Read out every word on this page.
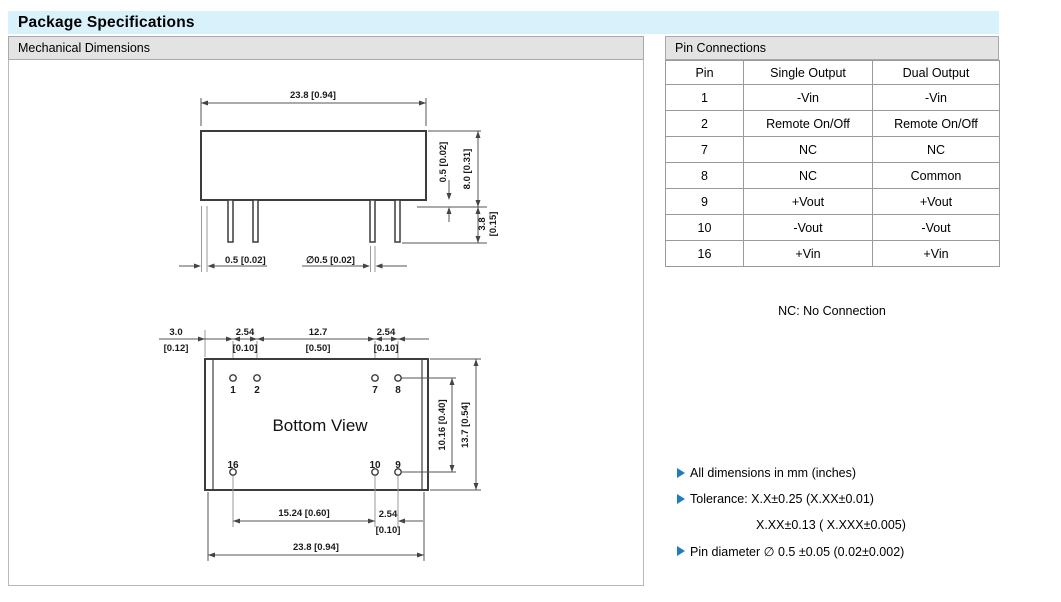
Package Specifications
Mechanical Dimensions
23.8 [0.94]
0.5 [0.02] 8.0 [0.31]
3.8 [0.15]
0.5 [0.02]	∅0.5 [0.02]
3.0
[0.12]
2.54
[0.10]
12.7
[0.50]
2.54
[0.10]
Bottom View
1 2	7 8
16	10 9
10.16 [0.40] 13.7 [0.54]
15.24 [0.60]	2.54
[0.10]
23.8 [0.94]
Pin Connections
Pin	Single Output	Dual Output
1	-Vin	-Vin
2	Remote On/Off	Remote On/Off
7	NC	NC
8	NC	Common
9	+Vout	+Vout
10	-Vout	-Vout
16	+Vin	+Vin
NC: No Connection
All dimensions in mm (inches)
Tolerance: X.X±0.25 (X.XX±0.01)
X.XX±0.13 ( X.XXX±0.005)
Pin diameter ∅ 0.5 ±0.05 (0.02±0.002)
